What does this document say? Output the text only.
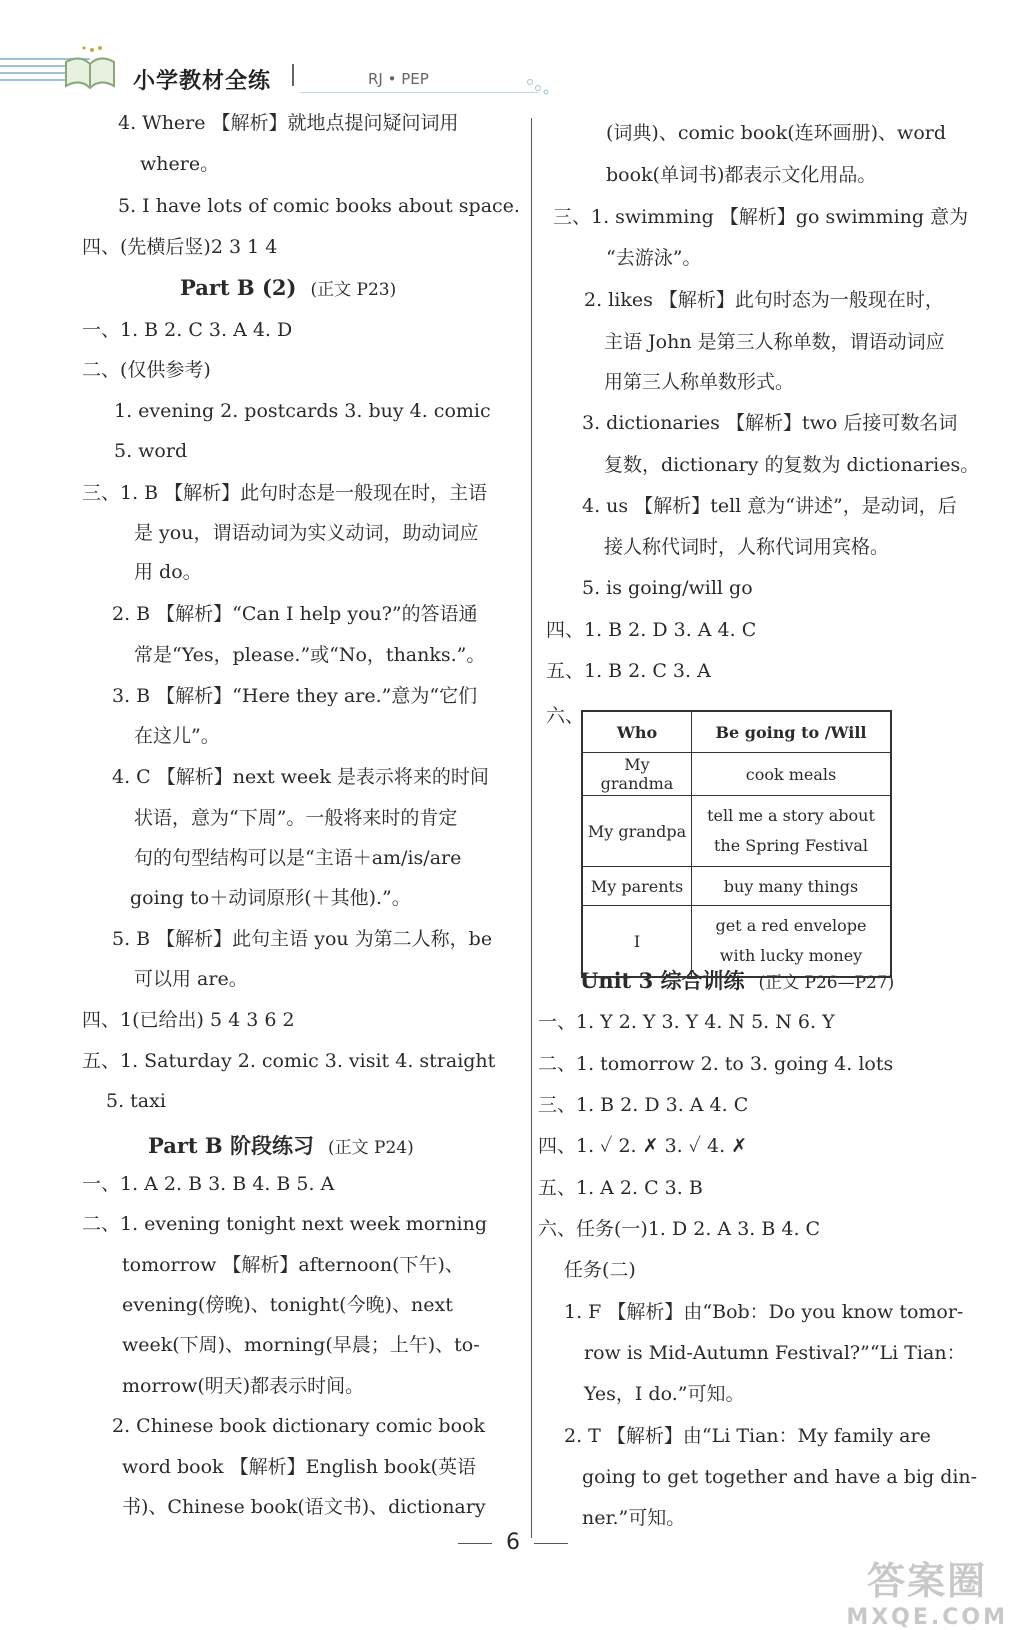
小学教材全练	RJ • PEP
4. Where 【解析】就地点提问疑问词用
where。
5. I have lots of comic books about space.
四、(先横后竖)2 3 1 4
一、1. B 2. C 3. A 4. D
二、(仅供参考)
1. evening 2. postcards 3. buy 4. comic
5. word
三、1. B 【解析】此句时态是一般现在时，主语
是 you，谓语动词为实义动词，助动词应
用 do。
2. B 【解析】“Can I help you?”的答语通
常是“Yes，please.”或“No，thanks.”。
3. B 【解析】“Here they are.”意为“它们
在这儿”。
4. C 【解析】next week 是表示将来的时间
状语，意为“下周”。一般将来时的肯定
句的句型结构可以是“主语＋am/is/are
going to＋动词原形(＋其他).”。
5. B 【解析】此句主语 you 为第二人称，be
可以用 are。
四、1(已给出) 5 4 3 6 2
五、1. Saturday 2. comic 3. visit 4. straight
5. taxi
一、1. A 2. B 3. B 4. B 5. A
二、1. evening tonight next week morning
tomorrow 【解析】afternoon(下午)、
evening(傍晚)、tonight(今晚)、next
week(下周)、morning(早晨；上午)、to-
morrow(明天)都表示时间。
2. Chinese book dictionary comic book
word book 【解析】English book(英语
书)、Chinese book(语文书)、dictionary
Part B (2) (正文 P23)
Part B 阶段练习 (正文 P24)
(词典)、comic book(连环画册)、word
book(单词书)都表示文化用品。
三、1. swimming 【解析】go swimming 意为
“去游泳”。
2. likes 【解析】此句时态为一般现在时，
主语 John 是第三人称单数，谓语动词应
用第三人称单数形式。
3. dictionaries 【解析】two 后接可数名词
复数，dictionary 的复数为 dictionaries。
4. us 【解析】tell 意为“讲述”，是动词，后
接人称代词时，人称代词用宾格。
5. is going/will go
四、1. B 2. D 3. A 4. C
五、1. B 2. C 3. A
六、
一、1. Y 2. Y 3. Y 4. N 5. N 6. Y
二、1. tomorrow 2. to 3. going 4. lots
三、1. B 2. D 3. A 4. C
四、1. ✓ 2. ✗ 3. ✓ 4. ✗
五、1. A 2. C 3. B
六、任务(一)1. D 2. A 3. B 4. C
任务(二)
1. F 【解析】由“Bob：Do you know tomor-
row is Mid-Autumn Festival?”“Li Tian：
Yes，I do.”可知。
2. T 【解析】由“Li Tian：My family are
going to get together and have a big din-
ner.”可知。
Unit 3 综合训练 (正文 P26—P27)
Who	Be going to /Will
My grandma	cook meals
My grandpa	tell me a story about the Spring Festival
My parents	buy many things
I	get a red envelope with lucky money
6
答案圈
MXQE.COM
